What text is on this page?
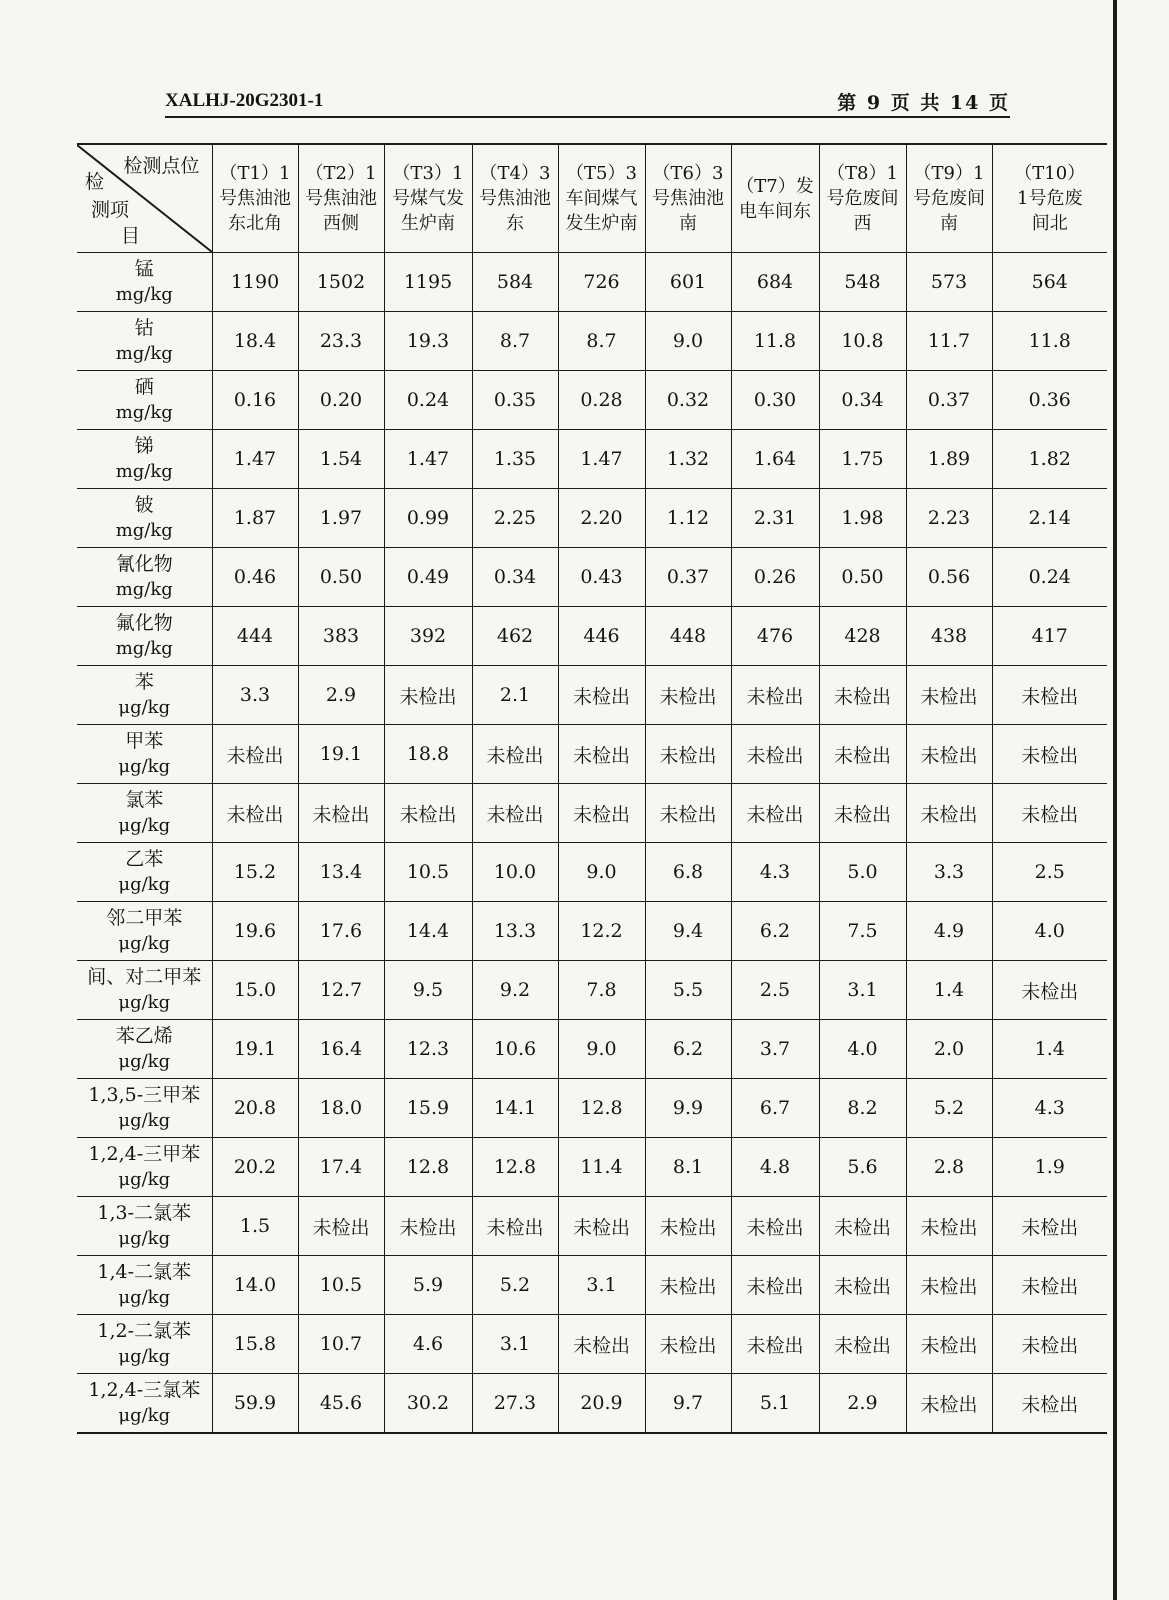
XALHJ-20G2301-1	第 9 页 共 14 页
检测点位
检
测项
目	（T1）1号焦油池东北角	（T2）1号焦油池西侧	（T3）1号煤气发生炉南	（T4）3号焦油池东	（T5）3车间煤气发生炉南	（T6）3号焦油池南	（T7）发电车间东	（T8）1号危废间西	（T9）1号危废间南	（T10）1号危废间北

锰
mg/kg	1190	1502	1195	584	726	601	684	548	573	564

钴
mg/kg	18.4	23.3	19.3	8.7	8.7	9.0	11.8	10.8	11.7	11.8

硒
mg/kg	0.16	0.20	0.24	0.35	0.28	0.32	0.30	0.34	0.37	0.36

锑
mg/kg	1.47	1.54	1.47	1.35	1.47	1.32	1.64	1.75	1.89	1.82

铍
mg/kg	1.87	1.97	0.99	2.25	2.20	1.12	2.31	1.98	2.23	2.14

氰化物
mg/kg	0.46	0.50	0.49	0.34	0.43	0.37	0.26	0.50	0.56	0.24

氟化物
mg/kg	444	383	392	462	446	448	476	428	438	417

苯
μg/kg	3.3	2.9	未检出	2.1	未检出	未检出	未检出	未检出	未检出	未检出

甲苯
μg/kg	未检出	19.1	18.8	未检出	未检出	未检出	未检出	未检出	未检出	未检出

氯苯
μg/kg	未检出	未检出	未检出	未检出	未检出	未检出	未检出	未检出	未检出	未检出

乙苯
μg/kg	15.2	13.4	10.5	10.0	9.0	6.8	4.3	5.0	3.3	2.5

邻二甲苯
μg/kg	19.6	17.6	14.4	13.3	12.2	9.4	6.2	7.5	4.9	4.0

间、对二甲苯
μg/kg	15.0	12.7	9.5	9.2	7.8	5.5	2.5	3.1	1.4	未检出

苯乙烯
μg/kg	19.1	16.4	12.3	10.6	9.0	6.2	3.7	4.0	2.0	1.4

1,3,5-三甲苯
μg/kg	20.8	18.0	15.9	14.1	12.8	9.9	6.7	8.2	5.2	4.3

1,2,4-三甲苯
μg/kg	20.2	17.4	12.8	12.8	11.4	8.1	4.8	5.6	2.8	1.9

1,3-二氯苯
μg/kg	1.5	未检出	未检出	未检出	未检出	未检出	未检出	未检出	未检出	未检出

1,4-二氯苯
μg/kg	14.0	10.5	5.9	5.2	3.1	未检出	未检出	未检出	未检出	未检出

1,2-二氯苯
μg/kg	15.8	10.7	4.6	3.1	未检出	未检出	未检出	未检出	未检出	未检出

1,2,4-三氯苯
μg/kg	59.9	45.6	30.2	27.3	20.9	9.7	5.1	2.9	未检出	未检出
